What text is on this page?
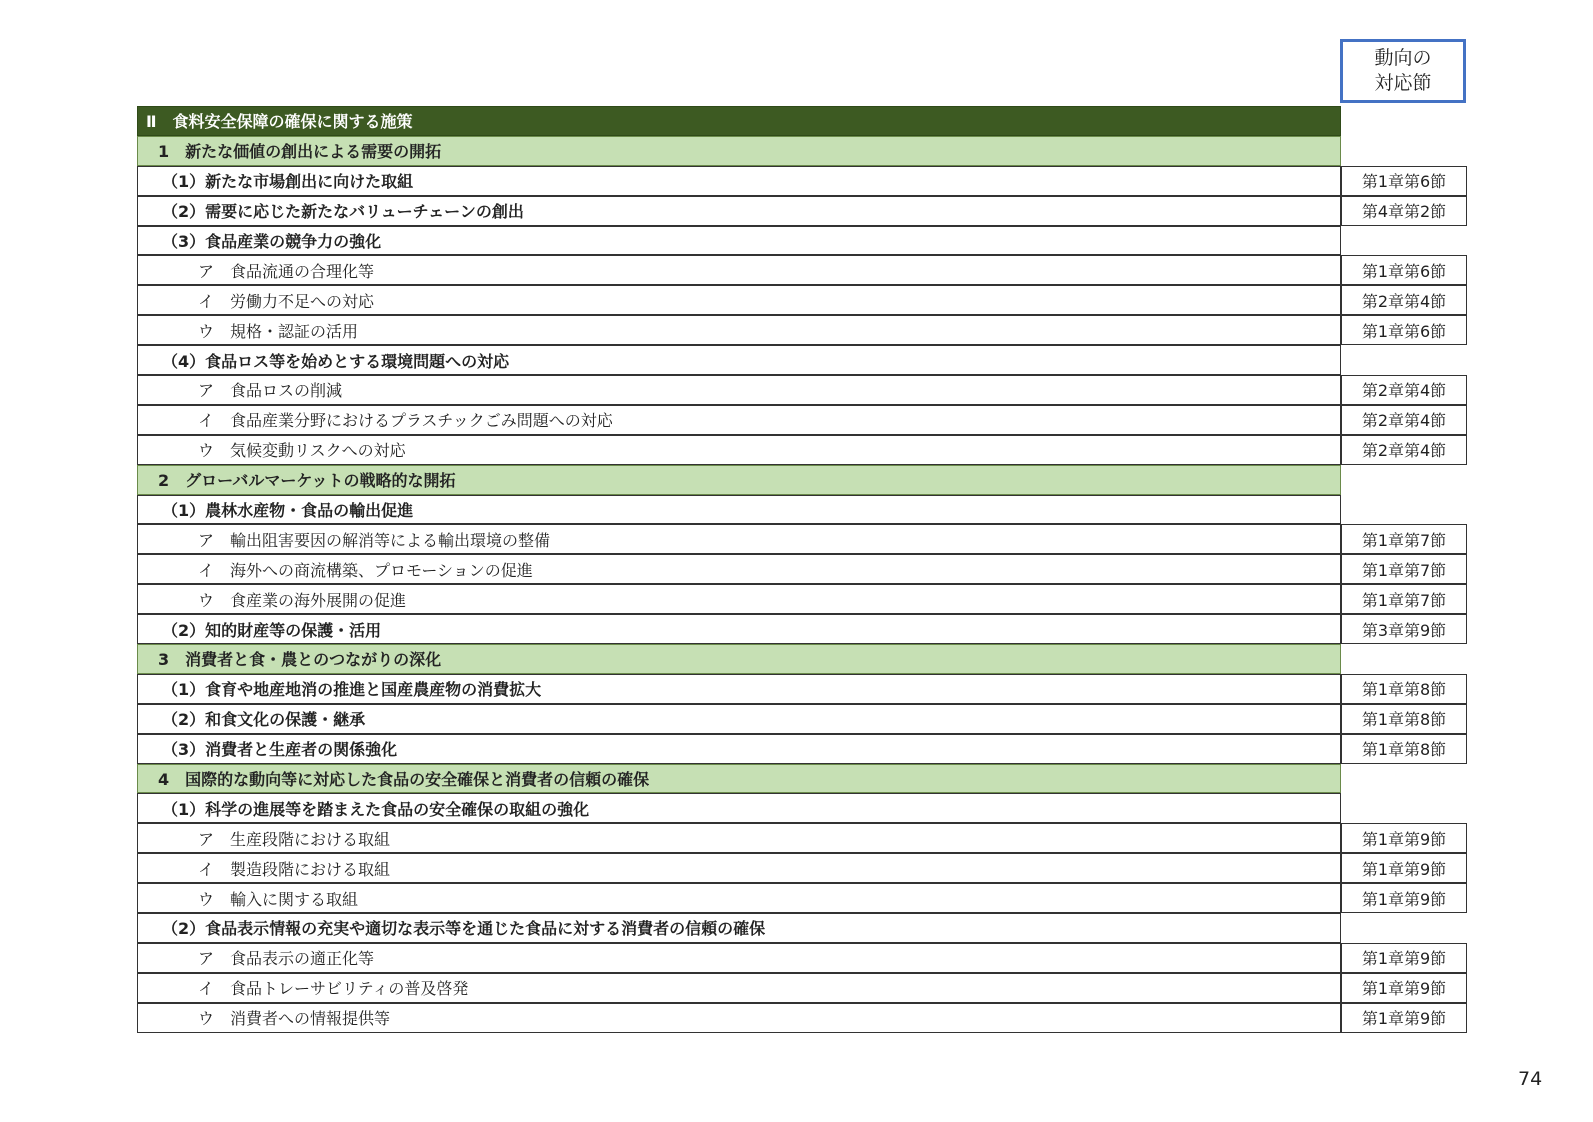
動向の
対応節
Ⅱ　食料安全保障の確保に関する施策
1　新たな価値の創出による需要の開拓
（1）新たな市場創出に向けた取組	第1章第6節
（2）需要に応じた新たなバリューチェーンの創出	第4章第2節
（3）食品産業の競争力の強化
ア　食品流通の合理化等	第1章第6節
イ　労働力不足への対応	第2章第4節
ウ　規格・認証の活用	第1章第6節
（4）食品ロス等を始めとする環境問題への対応
ア　食品ロスの削減	第2章第4節
イ　食品産業分野におけるプラスチックごみ問題への対応	第2章第4節
ウ　気候変動リスクへの対応	第2章第4節
2　グローバルマーケットの戦略的な開拓
（1）農林水産物・食品の輸出促進
ア　輸出阻害要因の解消等による輸出環境の整備	第1章第7節
イ　海外への商流構築、プロモーションの促進	第1章第7節
ウ　食産業の海外展開の促進	第1章第7節
（2）知的財産等の保護・活用	第3章第9節
3　消費者と食・農とのつながりの深化
（1）食育や地産地消の推進と国産農産物の消費拡大	第1章第8節
（2）和食文化の保護・継承	第1章第8節
（3）消費者と生産者の関係強化	第1章第8節
4　国際的な動向等に対応した食品の安全確保と消費者の信頼の確保
（1）科学の進展等を踏まえた食品の安全確保の取組の強化
ア　生産段階における取組	第1章第9節
イ　製造段階における取組	第1章第9節
ウ　輸入に関する取組	第1章第9節
（2）食品表示情報の充実や適切な表示等を通じた食品に対する消費者の信頼の確保
ア　食品表示の適正化等	第1章第9節
イ　食品トレーサビリティの普及啓発	第1章第9節
ウ　消費者への情報提供等	第1章第9節
74
